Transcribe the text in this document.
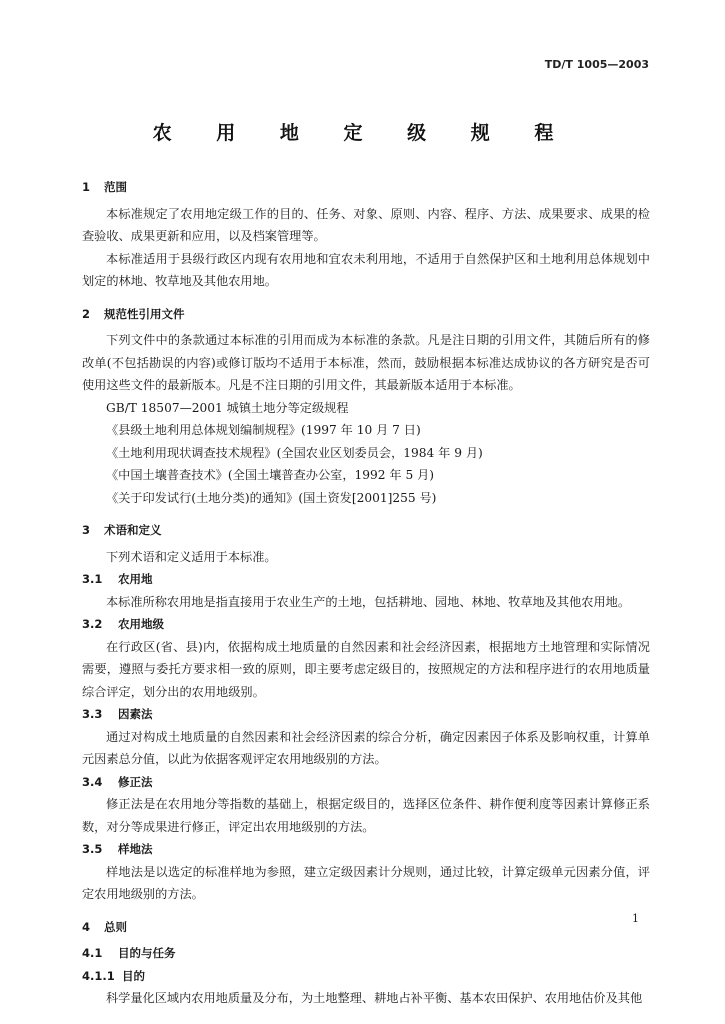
TD/T 1005—2003
农 用 地 定 级 规 程
1 范围

本标准规定了农用地定级工作的目的、任务、对象、原则、内容、程序、方法、成果要求、成果的检查验收、成果更新和应用，以及档案管理等。

本标准适用于县级行政区内现有农用地和宜农未利用地，不适用于自然保护区和土地利用总体规划中划定的林地、牧草地及其他农用地。

2 规范性引用文件

下列文件中的条款通过本标准的引用而成为本标准的条款。凡是注日期的引用文件，其随后所有的修改单(不包括勘误的内容)或修订版均不适用于本标准，然而，鼓励根据本标准达成协议的各方研究是否可使用这些文件的最新版本。凡是不注日期的引用文件，其最新版本适用于本标准。

GB/T 18507—2001 城镇土地分等定级规程

《县级土地利用总体规划编制规程》(1997 年 10 月 7 日)

《土地利用现状调查技术规程》(全国农业区划委员会，1984 年 9 月)

《中国土壤普查技术》(全国土壤普查办公室，1992 年 5 月)

《关于印发试行(土地分类)的通知》(国土资发[2001]255 号)

3 术语和定义

下列术语和定义适用于本标准。

3.1 农用地

本标准所称农用地是指直接用于农业生产的土地，包括耕地、园地、林地、牧草地及其他农用地。

3.2 农用地级

在行政区(省、县)内，依据构成土地质量的自然因素和社会经济因素，根据地方土地管理和实际情况需要，遵照与委托方要求相一致的原则，即主要考虑定级目的，按照规定的方法和程序进行的农用地质量综合评定，划分出的农用地级别。

3.3 因素法

通过对构成土地质量的自然因素和社会经济因素的综合分析，确定因素因子体系及影响权重，计算单元因素总分值，以此为依据客观评定农用地级别的方法。

3.4 修正法

修正法是在农用地分等指数的基础上，根据定级目的，选择区位条件、耕作便利度等因素计算修正系数，对分等成果进行修正，评定出农用地级别的方法。

3.5 样地法

样地法是以选定的标准样地为参照，建立定级因素计分规则，通过比较，计算定级单元因素分值，评定农用地级别的方法。

4 总则
4.1 目的与任务
4.1.1 目的

科学量化区域内农用地质量及分布，为土地整理、耕地占补平衡、基本农田保护、农用地估价及其他

1
